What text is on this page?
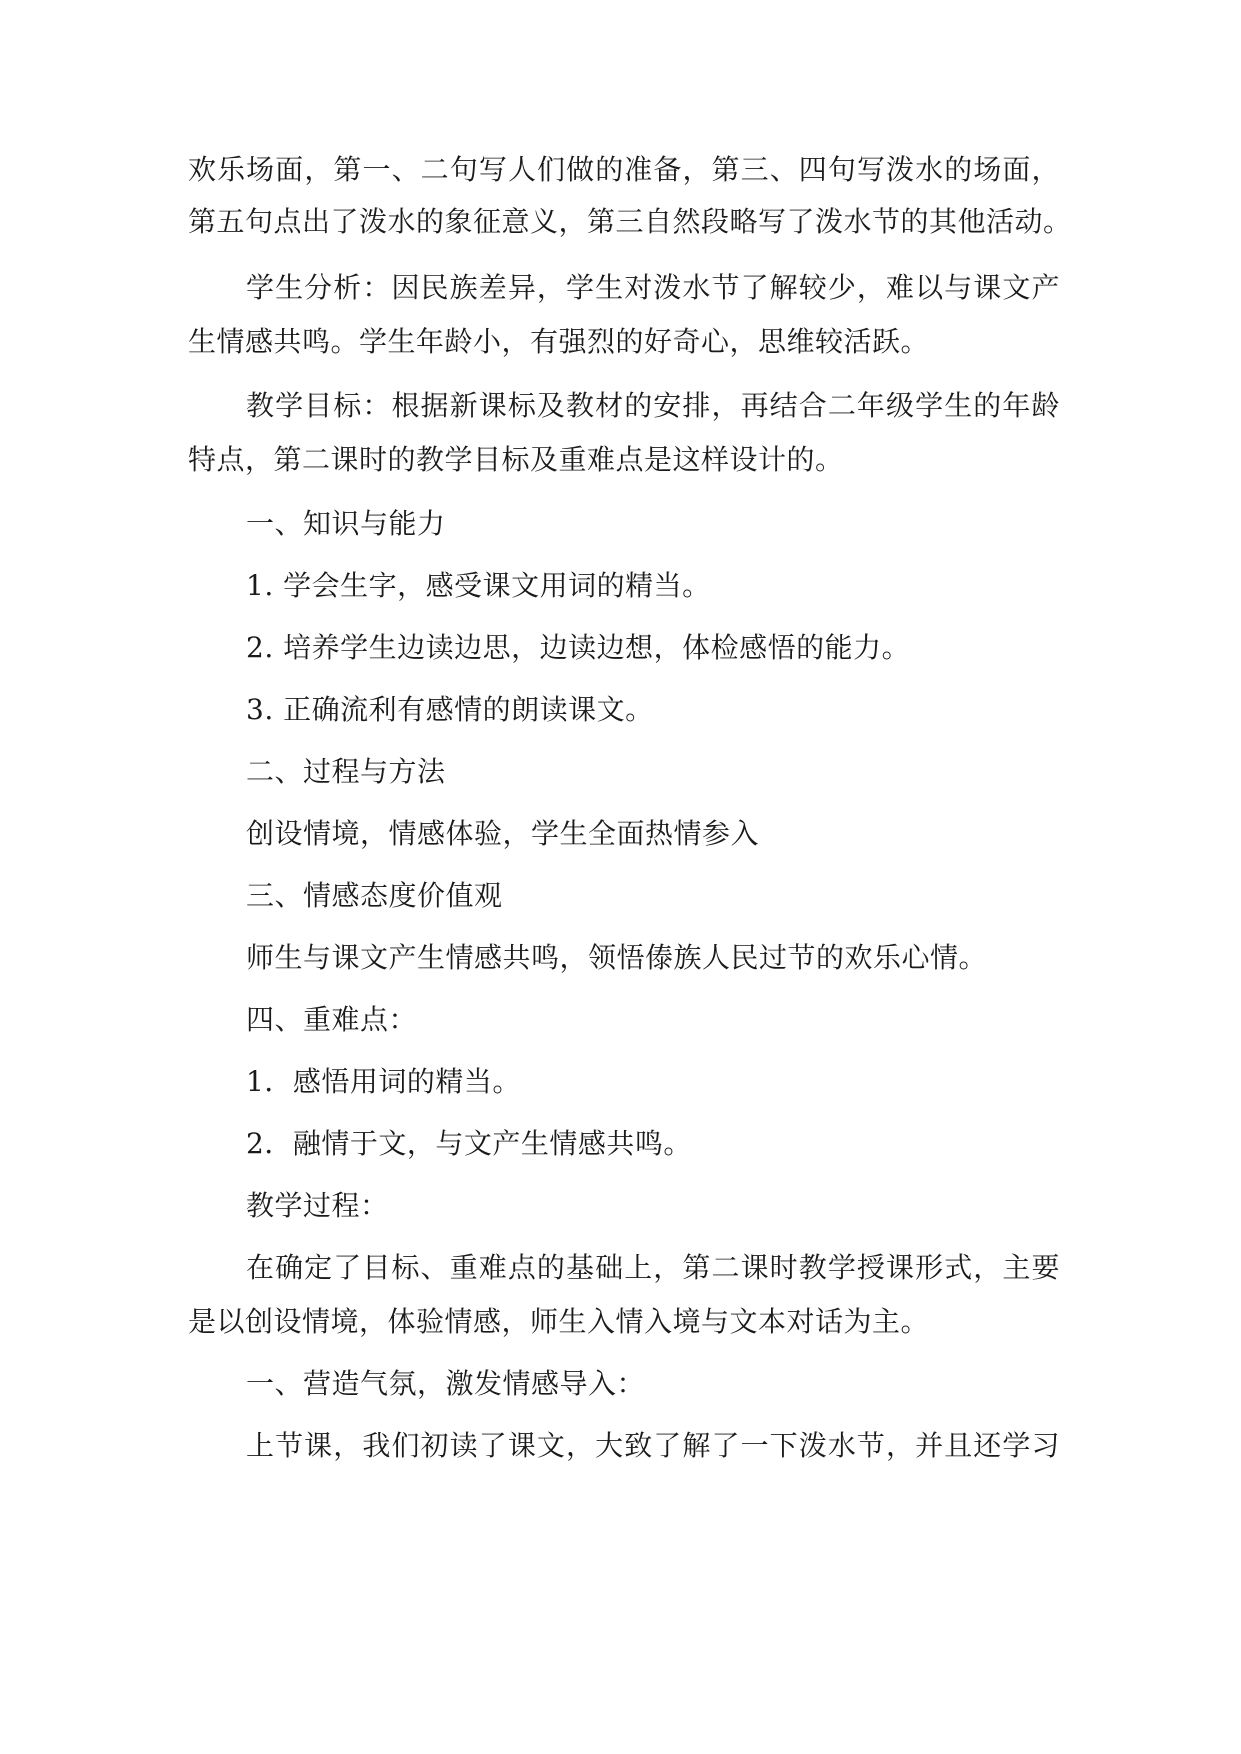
欢乐场面，第一、二句写人们做的准备，第三、四句写泼水的场面，
第五句点出了泼水的象征意义，第三自然段略写了泼水节的其他活动。
学生分析：因民族差异，学生对泼水节了解较少，难以与课文产
生情感共鸣。学生年龄小，有强烈的好奇心，思维较活跃。
教学目标：根据新课标及教材的安排，再结合二年级学生的年龄
特点，第二课时的教学目标及重难点是这样设计的。
一、知识与能力
1. 学会生字，感受课文用词的精当。
2. 培养学生边读边思，边读边想，体检感悟的能力。
3. 正确流利有感情的朗读课文。
二、过程与方法
创设情境，情感体验，学生全面热情参入
三、情感态度价值观
师生与课文产生情感共鸣，领悟傣族人民过节的欢乐心情。
四、重难点：
1．感悟用词的精当。
2．融情于文，与文产生情感共鸣。
教学过程：
在确定了目标、重难点的基础上，第二课时教学授课形式，主要
是以创设情境，体验情感，师生入情入境与文本对话为主。
一、营造气氛，激发情感导入：
上节课，我们初读了课文，大致了解了一下泼水节，并且还学习
